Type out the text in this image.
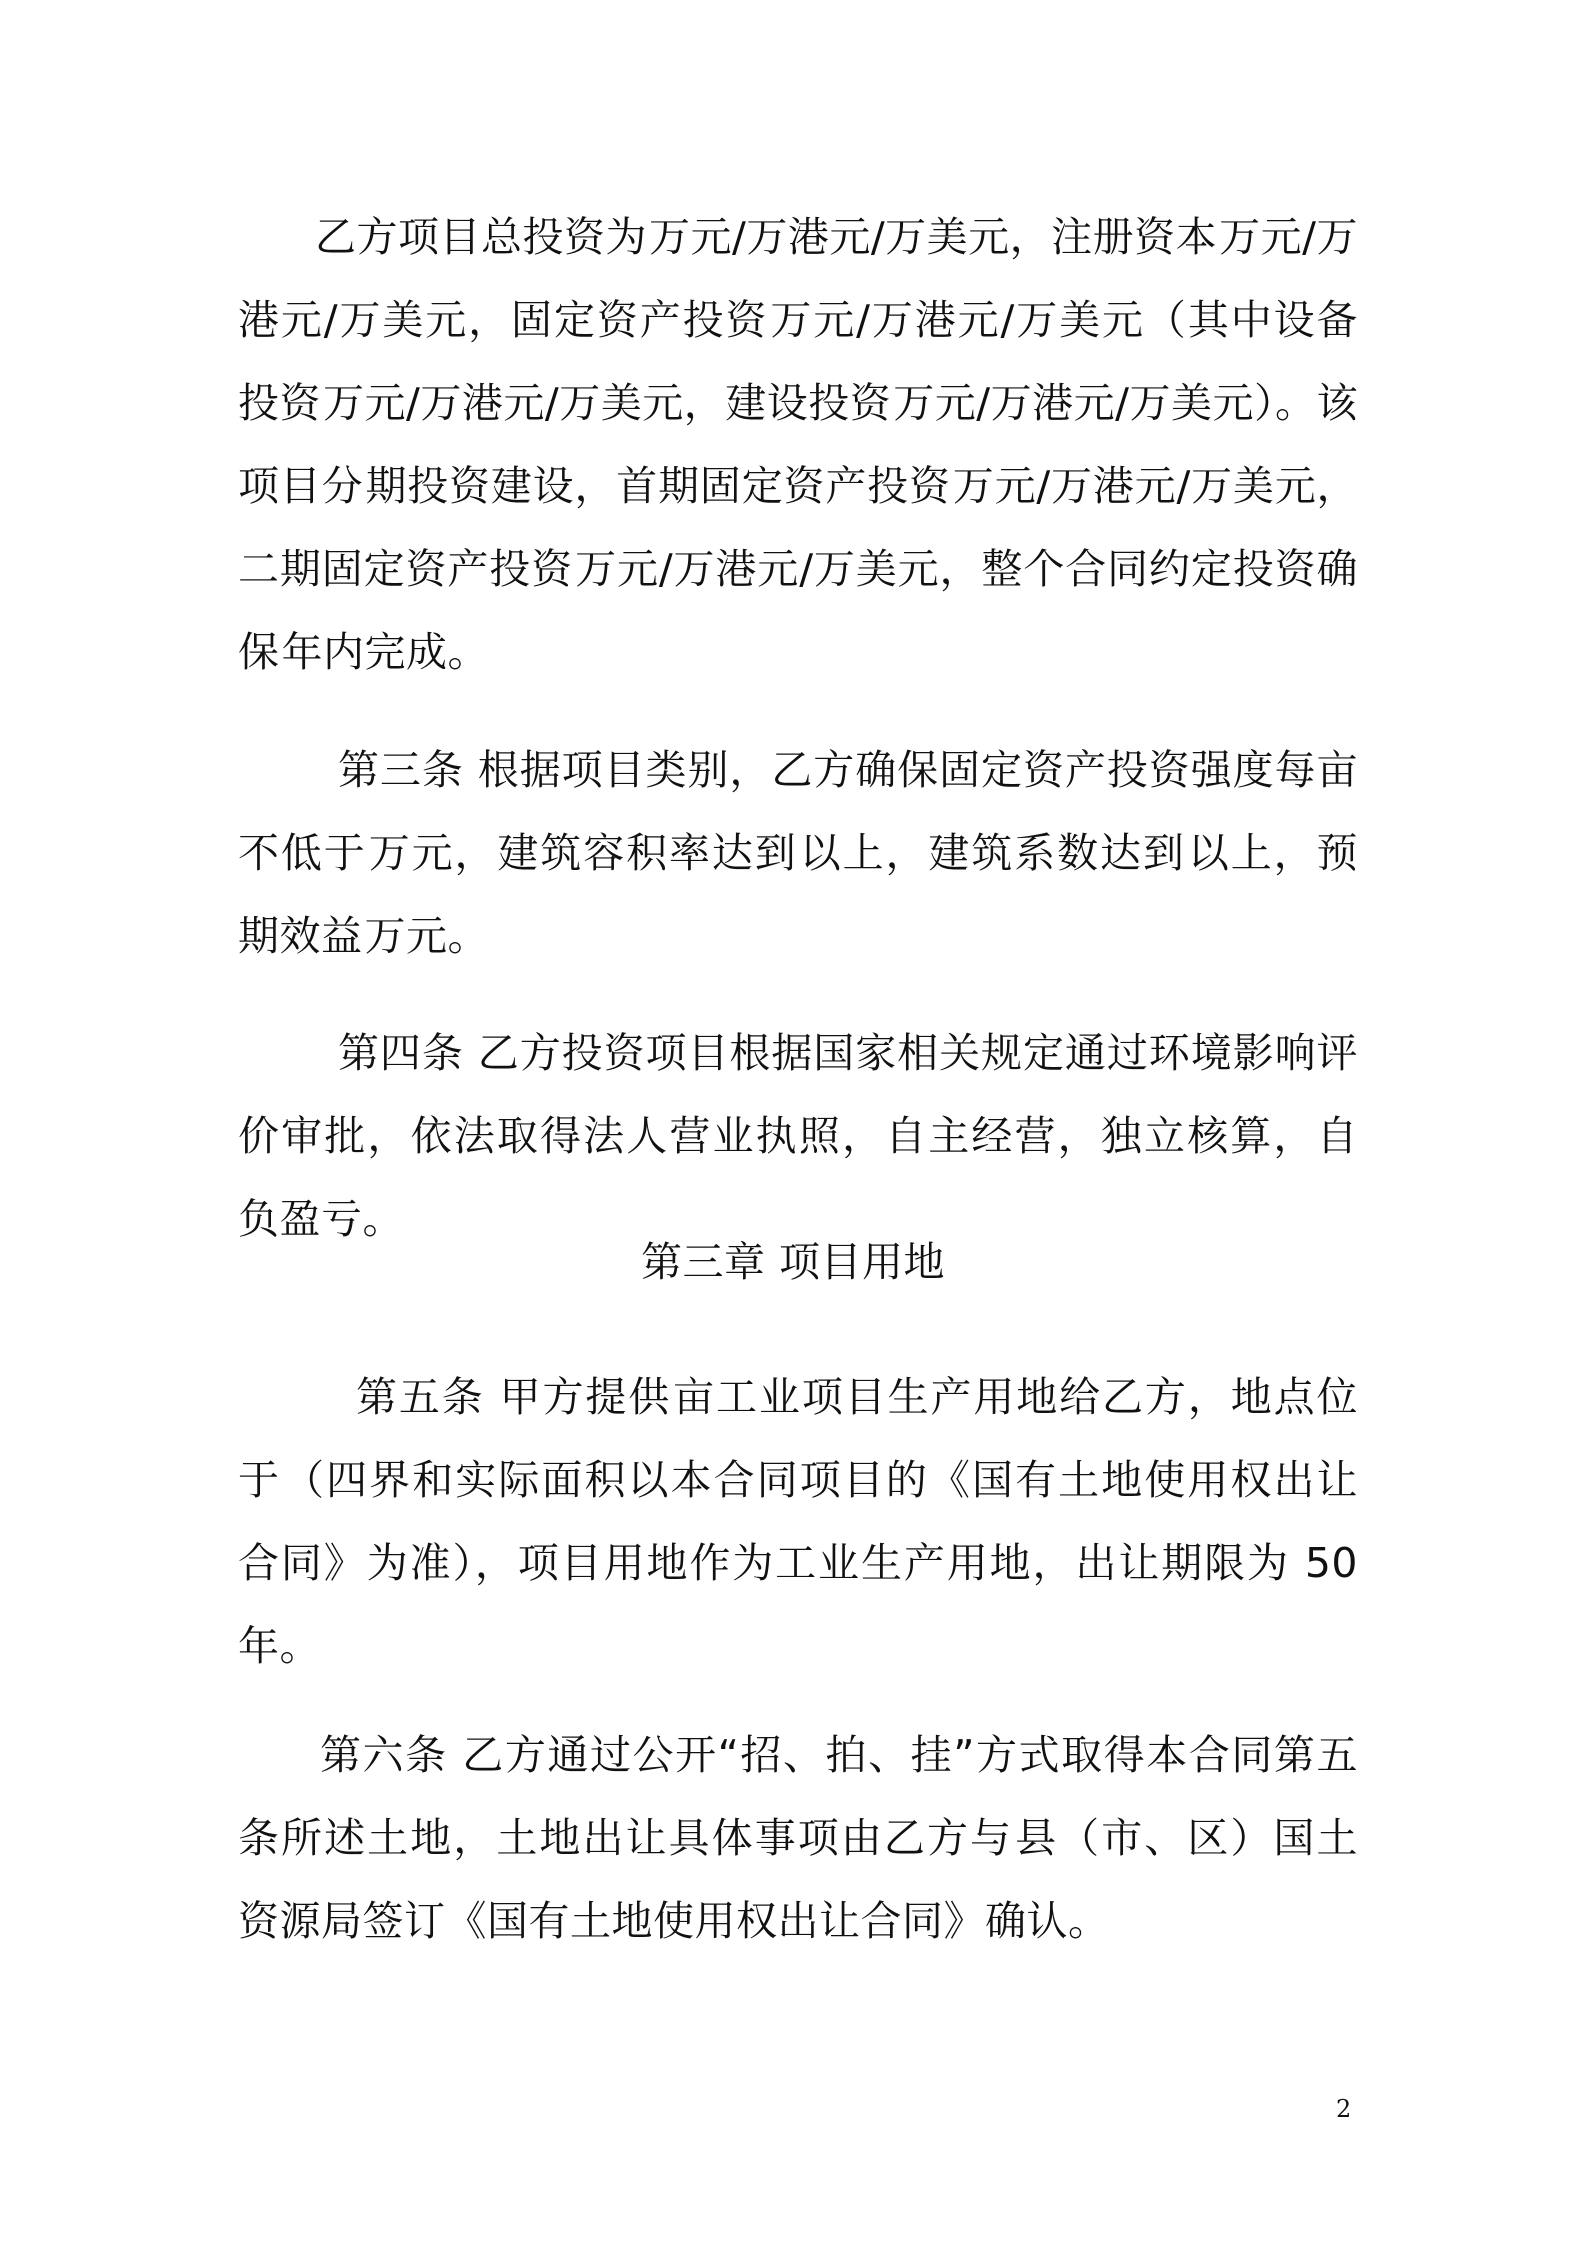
乙方项目总投资为万元/万港元/万美元，注册资本万元/万港元/万美元，固定资产投资万元/万港元/万美元（其中设备投资万元/万港元/万美元，建设投资万元/万港元/万美元）。该项目分期投资建设，首期固定资产投资万元/万港元/万美元，二期固定资产投资万元/万港元/万美元，整个合同约定投资确保年内完成。

第三条 根据项目类别，乙方确保固定资产投资强度每亩不低于万元，建筑容积率达到以上，建筑系数达到以上，预期效益万元。

第四条 乙方投资项目根据国家相关规定通过环境影响评价审批，依法取得法人营业执照，自主经营，独立核算，自负盈亏。

第三章 项目用地

第五条 甲方提供亩工业项目生产用地给乙方，地点位于（四界和实际面积以本合同项目的《国有土地使用权出让合同》为准），项目用地作为工业生产用地，出让期限为 50 年。

第六条 乙方通过公开“招、拍、挂”方式取得本合同第五条所述土地，土地出让具体事项由乙方与县（市、区）国土资源局签订《国有土地使用权出让合同》确认。

2
